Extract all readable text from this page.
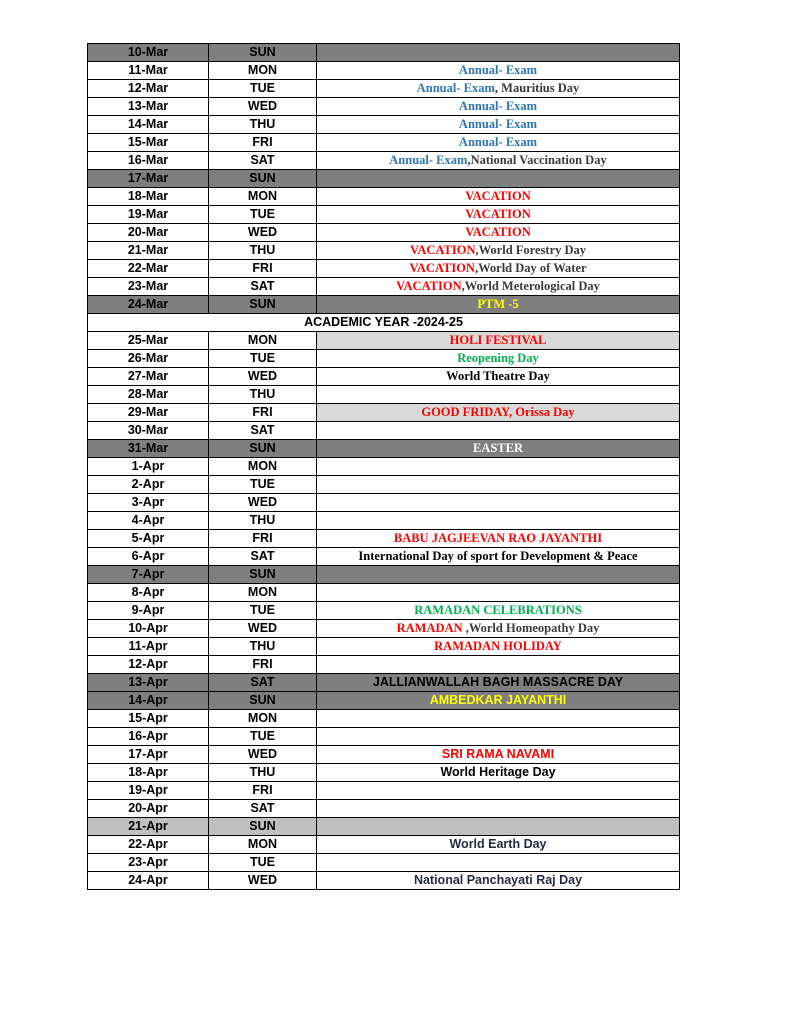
10-Mar	SUN	
11-Mar	MON	Annual- Exam
12-Mar	TUE	Annual- Exam, Mauritius Day
13-Mar	WED	Annual- Exam
14-Mar	THU	Annual- Exam
15-Mar	FRI	Annual- Exam
16-Mar	SAT	Annual- Exam,National Vaccination Day
17-Mar	SUN	
18-Mar	MON	VACATION
19-Mar	TUE	VACATION
20-Mar	WED	VACATION
21-Mar	THU	VACATION,World Forestry Day
22-Mar	FRI	VACATION,World Day of Water
23-Mar	SAT	VACATION,World Meterological Day
24-Mar	SUN	PTM -5
ACADEMIC YEAR -2024-25		
25-Mar	MON	HOLI FESTIVAL
26-Mar	TUE	Reopening Day
27-Mar	WED	World Theatre Day
28-Mar	THU	
29-Mar	FRI	GOOD FRIDAY, Orissa Day
30-Mar	SAT	
31-Mar	SUN	EASTER
1-Apr	MON	
2-Apr	TUE	
3-Apr	WED	
4-Apr	THU	
5-Apr	FRI	BABU JAGJEEVAN RAO JAYANTHI
6-Apr	SAT	International Day of sport for Development & Peace
7-Apr	SUN	
8-Apr	MON	
9-Apr	TUE	RAMADAN CELEBRATIONS
10-Apr	WED	RAMADAN ,World Homeopathy Day
11-Apr	THU	RAMADAN HOLIDAY
12-Apr	FRI	
13-Apr	SAT	JALLIANWALLAH BAGH MASSACRE DAY
14-Apr	SUN	AMBEDKAR JAYANTHI
15-Apr	MON	
16-Apr	TUE	
17-Apr	WED	SRI RAMA NAVAMI
18-Apr	THU	World Heritage Day
19-Apr	FRI	
20-Apr	SAT	
21-Apr	SUN	
22-Apr	MON	World Earth Day
23-Apr	TUE	
24-Apr	WED	National Panchayati Raj Day
